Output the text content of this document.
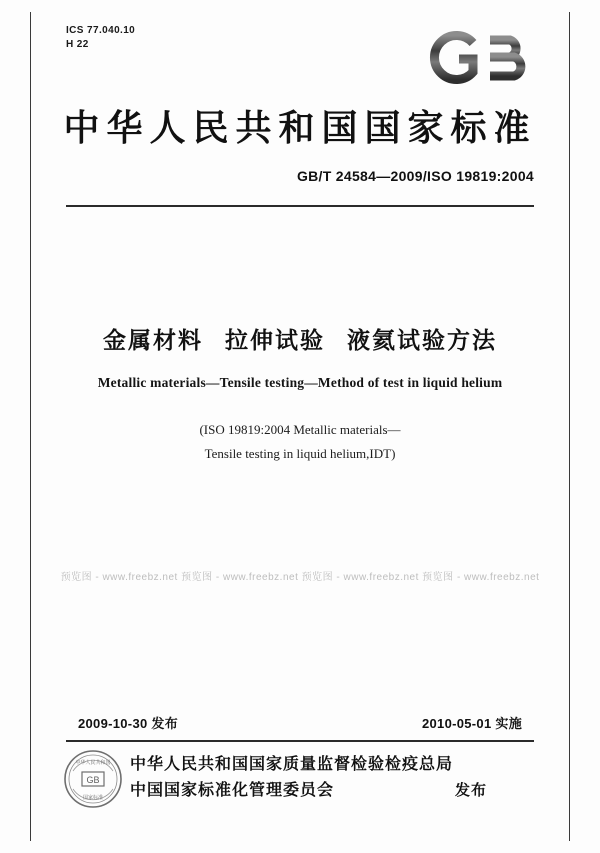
ICS 77.040.10
H 22
中华人民共和国国家标准
GB/T 24584—2009/ISO 19819:2004
金属材料 拉伸试验 液氦试验方法
Metallic materials—Tensile testing—Method of test in liquid helium
(ISO 19819:2004 Metallic materials—
Tensile testing in liquid helium,IDT)
预览图 - www.freebz.net 预览图 - www.freebz.net 预览图 - www.freebz.net 预览图 - www.freebz.net
2009-10-30 发布	2010-05-01 实施
GB
中华人民共和国
国家标准
中华人民共和国国家质量监督检验检疫总局
中国国家标准化管理委员会	发布
